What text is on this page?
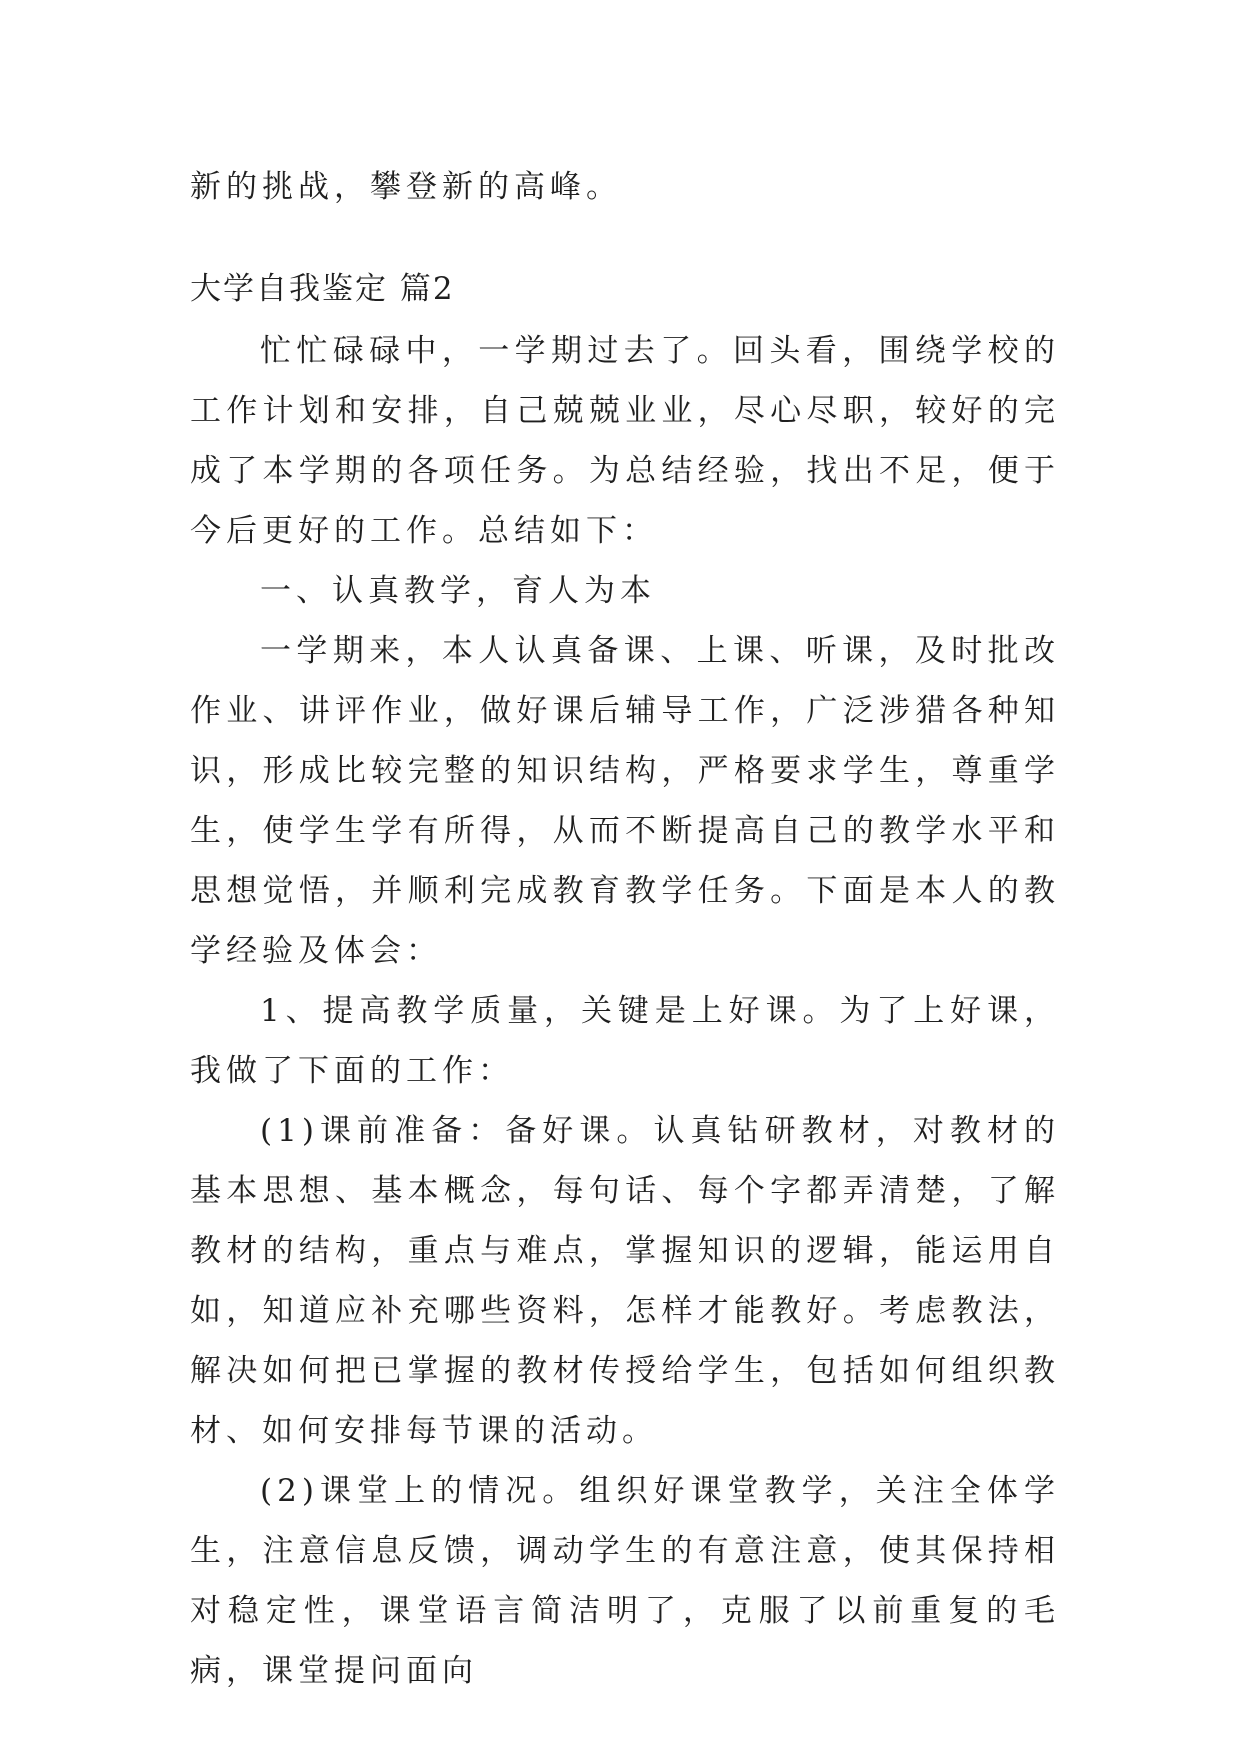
新的挑战，攀登新的高峰。

大学自我鉴定 篇2

忙忙碌碌中，一学期过去了。回头看，围绕学校的工作计划和安排，自己兢兢业业，尽心尽职，较好的完成了本学期的各项任务。为总结经验，找出不足，便于今后更好的工作。总结如下：

一、认真教学，育人为本

一学期来，本人认真备课、上课、听课，及时批改作业、讲评作业，做好课后辅导工作，广泛涉猎各种知识，形成比较完整的知识结构，严格要求学生，尊重学生，使学生学有所得，从而不断提高自己的教学水平和思想觉悟，并顺利完成教育教学任务。下面是本人的教学经验及体会：

1、提高教学质量，关键是上好课。为了上好课，我做了下面的工作：

(1)课前准备：备好课。认真钻研教材，对教材的基本思想、基本概念，每句话、每个字都弄清楚，了解教材的结构，重点与难点，掌握知识的逻辑，能运用自如，知道应补充哪些资料，怎样才能教好。考虑教法，解决如何把已掌握的教材传授给学生，包括如何组织教材、如何安排每节课的活动。

(2)课堂上的情况。组织好课堂教学，关注全体学生，注意信息反馈，调动学生的有意注意，使其保持相对稳定性，课堂语言简洁明了，克服了以前重复的毛病，课堂提问面向
